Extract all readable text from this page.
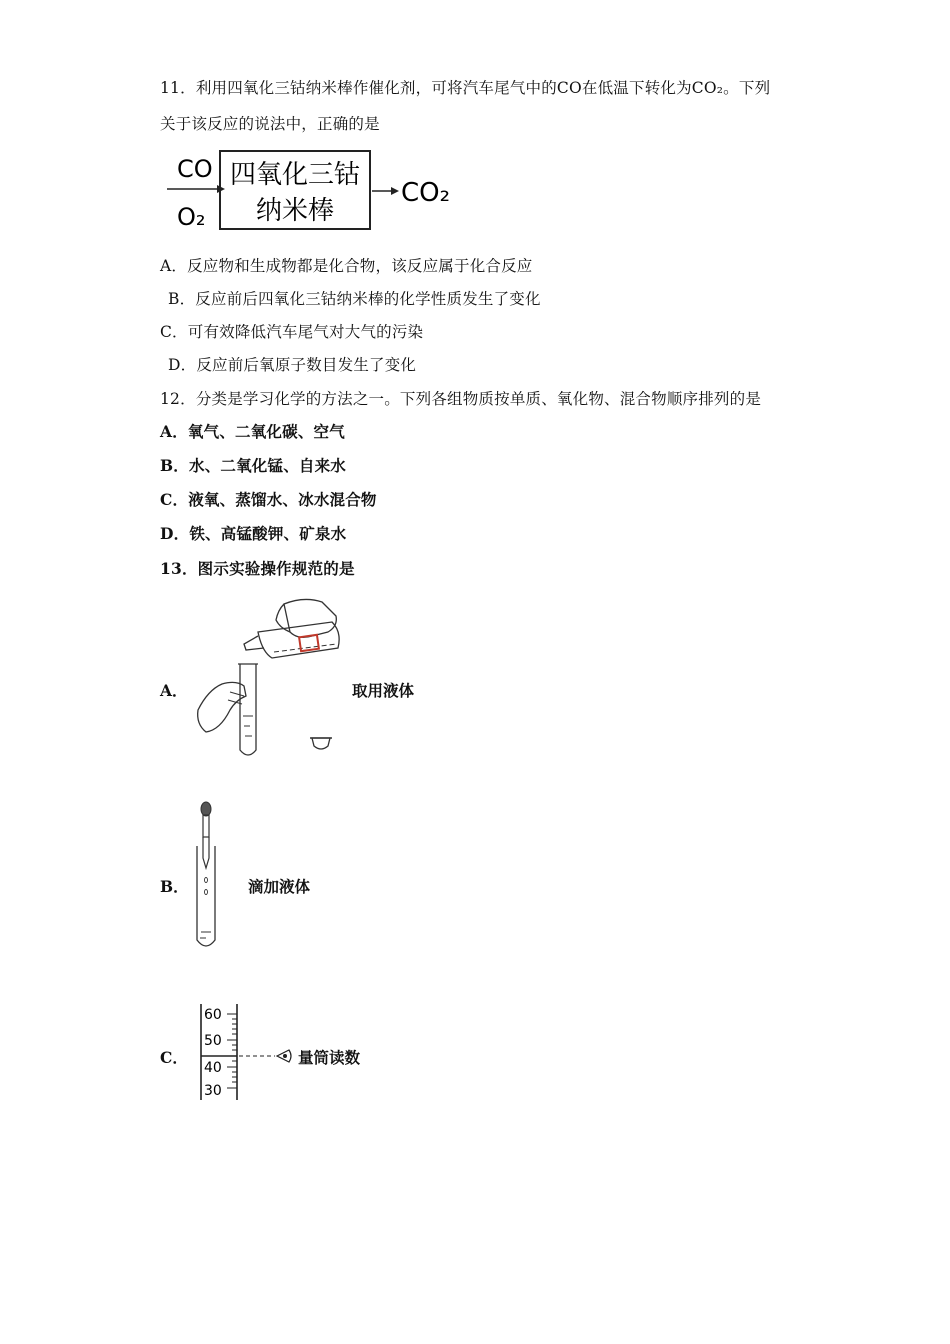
11．利用四氧化三钴纳米棒作催化剂，可将汽车尾气中的CO在低温下转化为CO₂。下列
关于该反应的说法中，正确的是
CO
O₂
四氧化三钴
纳米棒
CO₂
A．反应物和生成物都是化合物，该反应属于化合反应
B．反应前后四氧化三钴纳米棒的化学性质发生了变化
C．可有效降低汽车尾气对大气的污染
D．反应前后氧原子数目发生了变化
12．分类是学习化学的方法之一。下列各组物质按单质、氧化物、混合物顺序排列的是
A．氧气、二氧化碳、空气
B．水、二氧化锰、自来水
C．液氧、蒸馏水、冰水混合物
D．铁、高锰酸钾、矿泉水
13．图示实验操作规范的是
A．	取用液体
B．	滴加液体
C．
60
50
40
30
量筒读数
